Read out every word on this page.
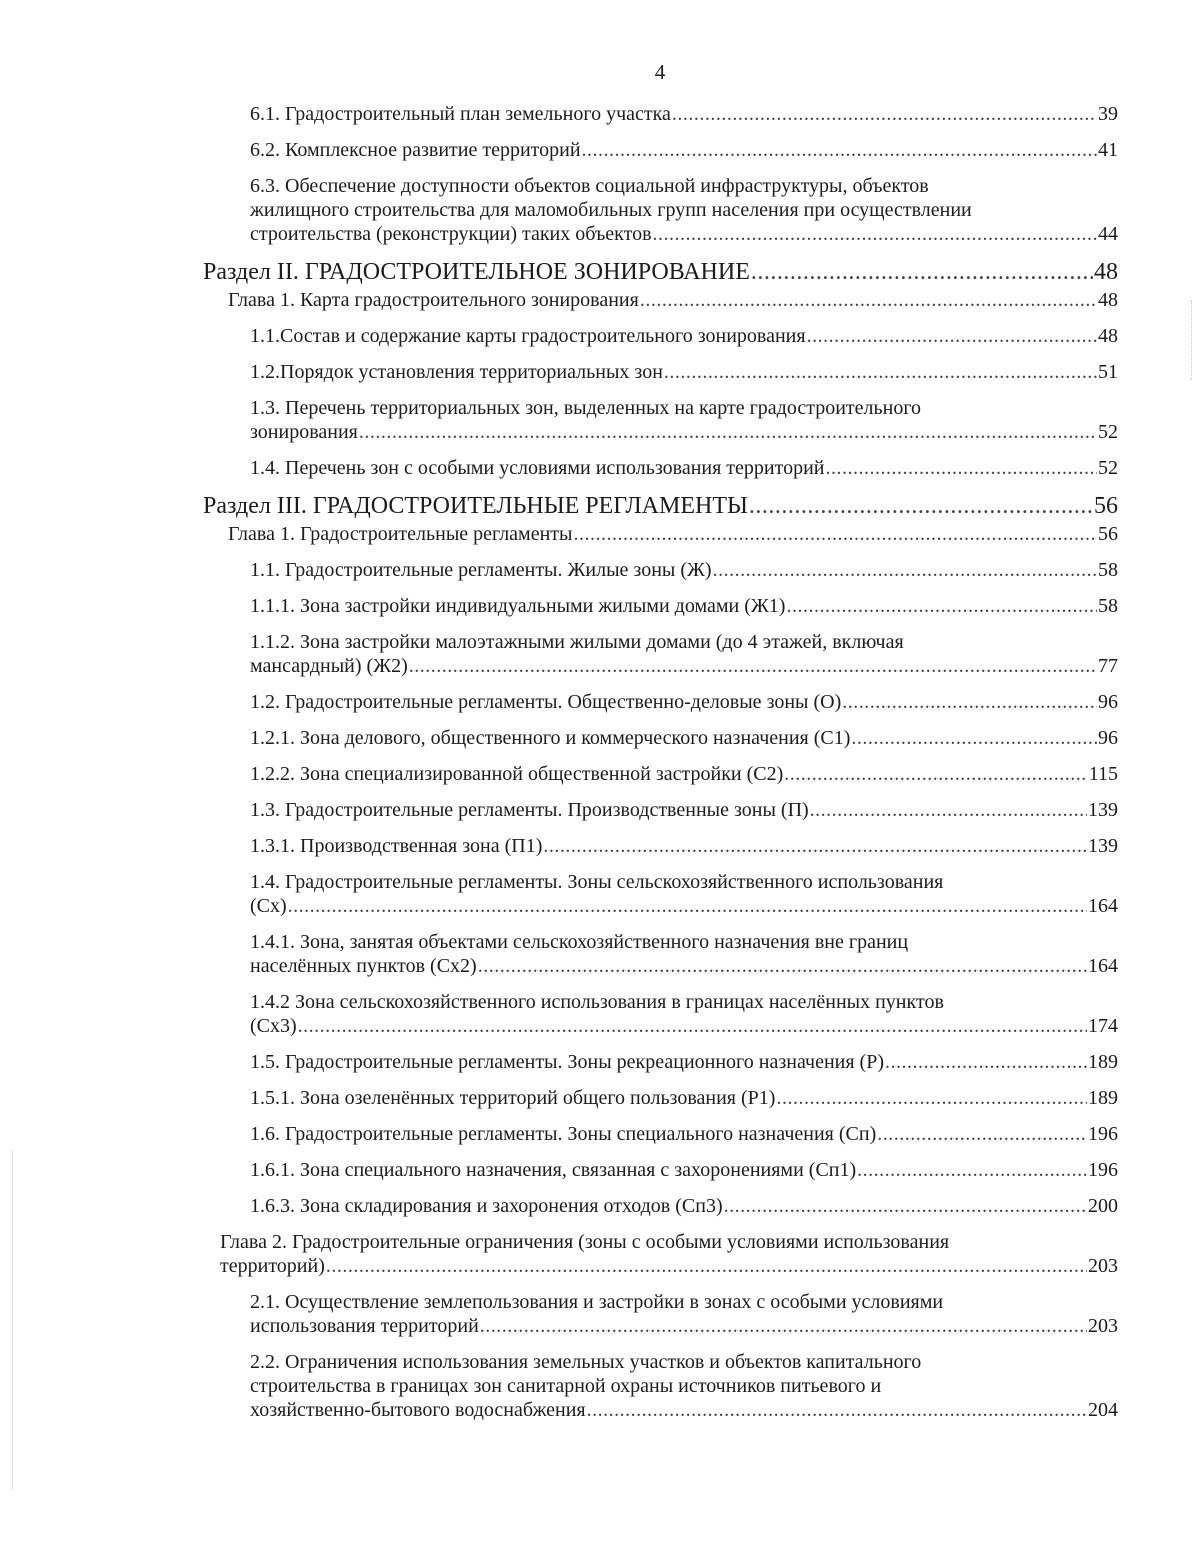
4
6.1. Градостроительный план земельного участка .....	39
6.2. Комплексное развитие территорий .....	41
6.3. Обеспечение доступности объектов социальной инфраструктуры, объектов
жилищного строительства для маломобильных групп населения при осуществлении
строительства (реконструкции) таких объектов .....	44
Раздел II. ГРАДОСТРОИТЕЛЬНОЕ ЗОНИРОВАНИЕ .....	48
Глава 1. Карта градостроительного зонирования .....	48
1.1. Состав и содержание карты градостроительного зонирования .....	48
1.2. Порядок установления территориальных зон .....	51
1.3. Перечень территориальных зон, выделенных на карте градостроительного
зонирования .....	52
1.4. Перечень зон с особыми условиями использования территорий .....	52
Раздел III. ГРАДОСТРОИТЕЛЬНЫЕ РЕГЛАМЕНТЫ .....	56
Глава 1. Градостроительные регламенты .....	56
1.1. Градостроительные регламенты. Жилые зоны (Ж) .....	58
1.1.1. Зона застройки индивидуальными жилыми домами (Ж1) .....	58
1.1.2. Зона застройки малоэтажными жилыми домами (до 4 этажей, включая
мансардный) (Ж2) .....	77
1.2. Градостроительные регламенты. Общественно-деловые зоны (О) .....	96
1.2.1. Зона делового, общественного и коммерческого назначения (С1) .....	96
1.2.2. Зона специализированной общественной застройки (С2) .....	115
1.3. Градостроительные регламенты. Производственные зоны (П) .....	139
1.3.1. Производственная зона (П1) .....	139
1.4. Градостроительные регламенты. Зоны сельскохозяйственного использования
(Сх) .....	164
1.4.1. Зона, занятая объектами сельскохозяйственного назначения вне границ
населённых пунктов (Сх2) .....	164
1.4.2 Зона сельскохозяйственного использования в границах населённых пунктов
(Сх3) .....	174
1.5. Градостроительные регламенты. Зоны рекреационного назначения (Р) .....	189
1.5.1. Зона озеленённых территорий общего пользования (Р1) .....	189
1.6. Градостроительные регламенты. Зоны специального назначения (Сп) .....	196
1.6.1. Зона специального назначения, связанная с захоронениями (Сп1) .....	196
1.6.3. Зона складирования и захоронения отходов (Сп3) .....	200
Глава 2. Градостроительные ограничения (зоны с особыми условиями использования
территорий) .....	203
2.1. Осуществление землепользования и застройки в зонах с особыми условиями
использования территорий .....	203
2.2. Ограничения использования земельных участков и объектов капитального
строительства в границах зон санитарной охраны источников питьевого и
хозяйственно-бытового водоснабжения .....	204
